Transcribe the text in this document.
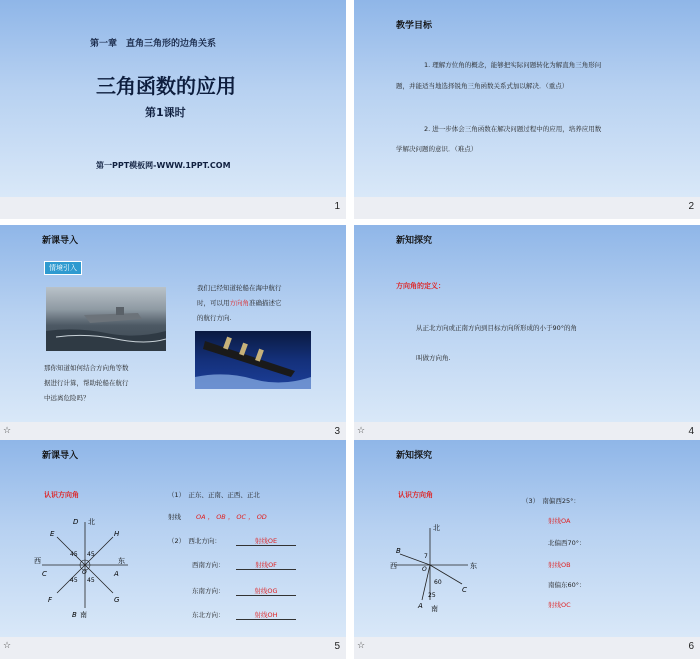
第一章　直角三角形的边角关系
三角函数的应用
第1课时
第一PPT模板网-WWW.1PPT.COM
1
教学目标
1. 理解方位角的概念，能够把实际问题转化为解直角三角形问
题，并能适当地选择锐角三角函数关系式加以解决．（重点）
2. 进一步体会三角函数在解决问题过程中的应用，培养应用数
学解决问题的意识．（难点）
2
新课导入
情境引入
我们已经知道轮船在海中航行
时，可以用方向角准确描述它
的航行方向.
那你知道如何结合方向角等数
据进行计算，帮助轮船在航行
中远离危险吗？
☆	3
新知探究
方向角的定义：
从正北方向或正南方向到目标方向所形成的小于90°的角
叫做方向角.
☆	4
新课导入
认识方向角
D 北
西
C
东
A
B 南
E	H
F	G
O
45 45
45 45
（1）　正东、正南、正西、正北
射线 OA ， OB ， OC ， OD
（2）　西北方向：	射线OE
西南方向：	射线OF
东南方向：	射线OG
东北方向：	射线OH
☆	5
新知探究
认识方向角
北
西	东
南
B
C
A
O
7
60
25
（3）　南偏西25°：
射线OA
北偏西70°：
射线OB
南偏东60°：
射线OC
☆	6
